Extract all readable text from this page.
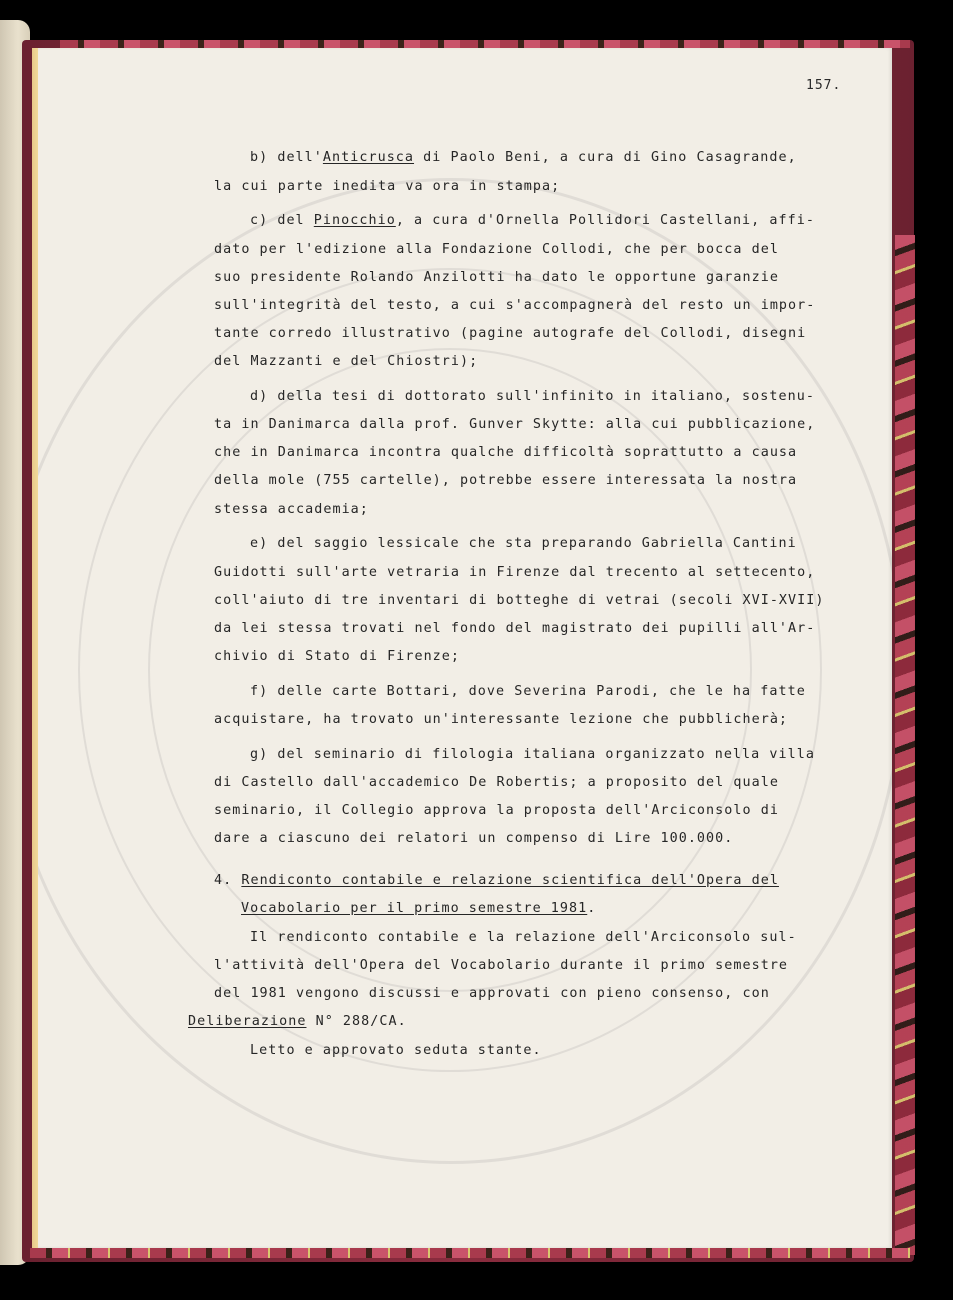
157.
b) dell'Anticrusca di Paolo Beni, a cura di Gino Casagrande,
la cui parte inedita va ora in stampa;
c) del Pinocchio, a cura d'Ornella Pollidori Castellani, affi-
dato per l'edizione alla Fondazione Collodi, che per bocca del
suo presidente Rolando Anzilotti ha dato le opportune garanzie
sull'integrità del testo, a cui s'accompagnerà del resto un impor-
tante corredo illustrativo (pagine autografe del Collodi, disegni
del Mazzanti e del Chiostri);
d) della tesi di dottorato sull'infinito in italiano, sostenu-
ta in Danimarca dalla prof. Gunver Skytte: alla cui pubblicazione,
che in Danimarca incontra qualche difficoltà soprattutto a causa
della mole (755 cartelle), potrebbe essere interessata la nostra
stessa accademia;
e) del saggio lessicale che sta preparando Gabriella Cantini
Guidotti sull'arte vetraria in Firenze dal trecento al settecento,
coll'aiuto di tre inventari di botteghe di vetrai (secoli XVI-XVII)
da lei stessa trovati nel fondo del magistrato dei pupilli all'Ar-
chivio di Stato di Firenze;
f) delle carte Bottari, dove Severina Parodi, che le ha fatte
acquistare, ha trovato un'interessante lezione che pubblicherà;
g) del seminario di filologia italiana organizzato nella villa
di Castello dall'accademico De Robertis; a proposito del quale
seminario, il Collegio approva la proposta dell'Arciconsolo di
dare a ciascuno dei relatori un compenso di Lire 100.000.
4. Rendiconto contabile e relazione scientifica dell'Opera del
Vocabolario per il primo semestre 1981.
Il rendiconto contabile e la relazione dell'Arciconsolo sul-
l'attività dell'Opera del Vocabolario durante il primo semestre
del 1981 vengono discussi e approvati con pieno consenso, con
Deliberazione N° 288/CA.
Letto e approvato seduta stante.
